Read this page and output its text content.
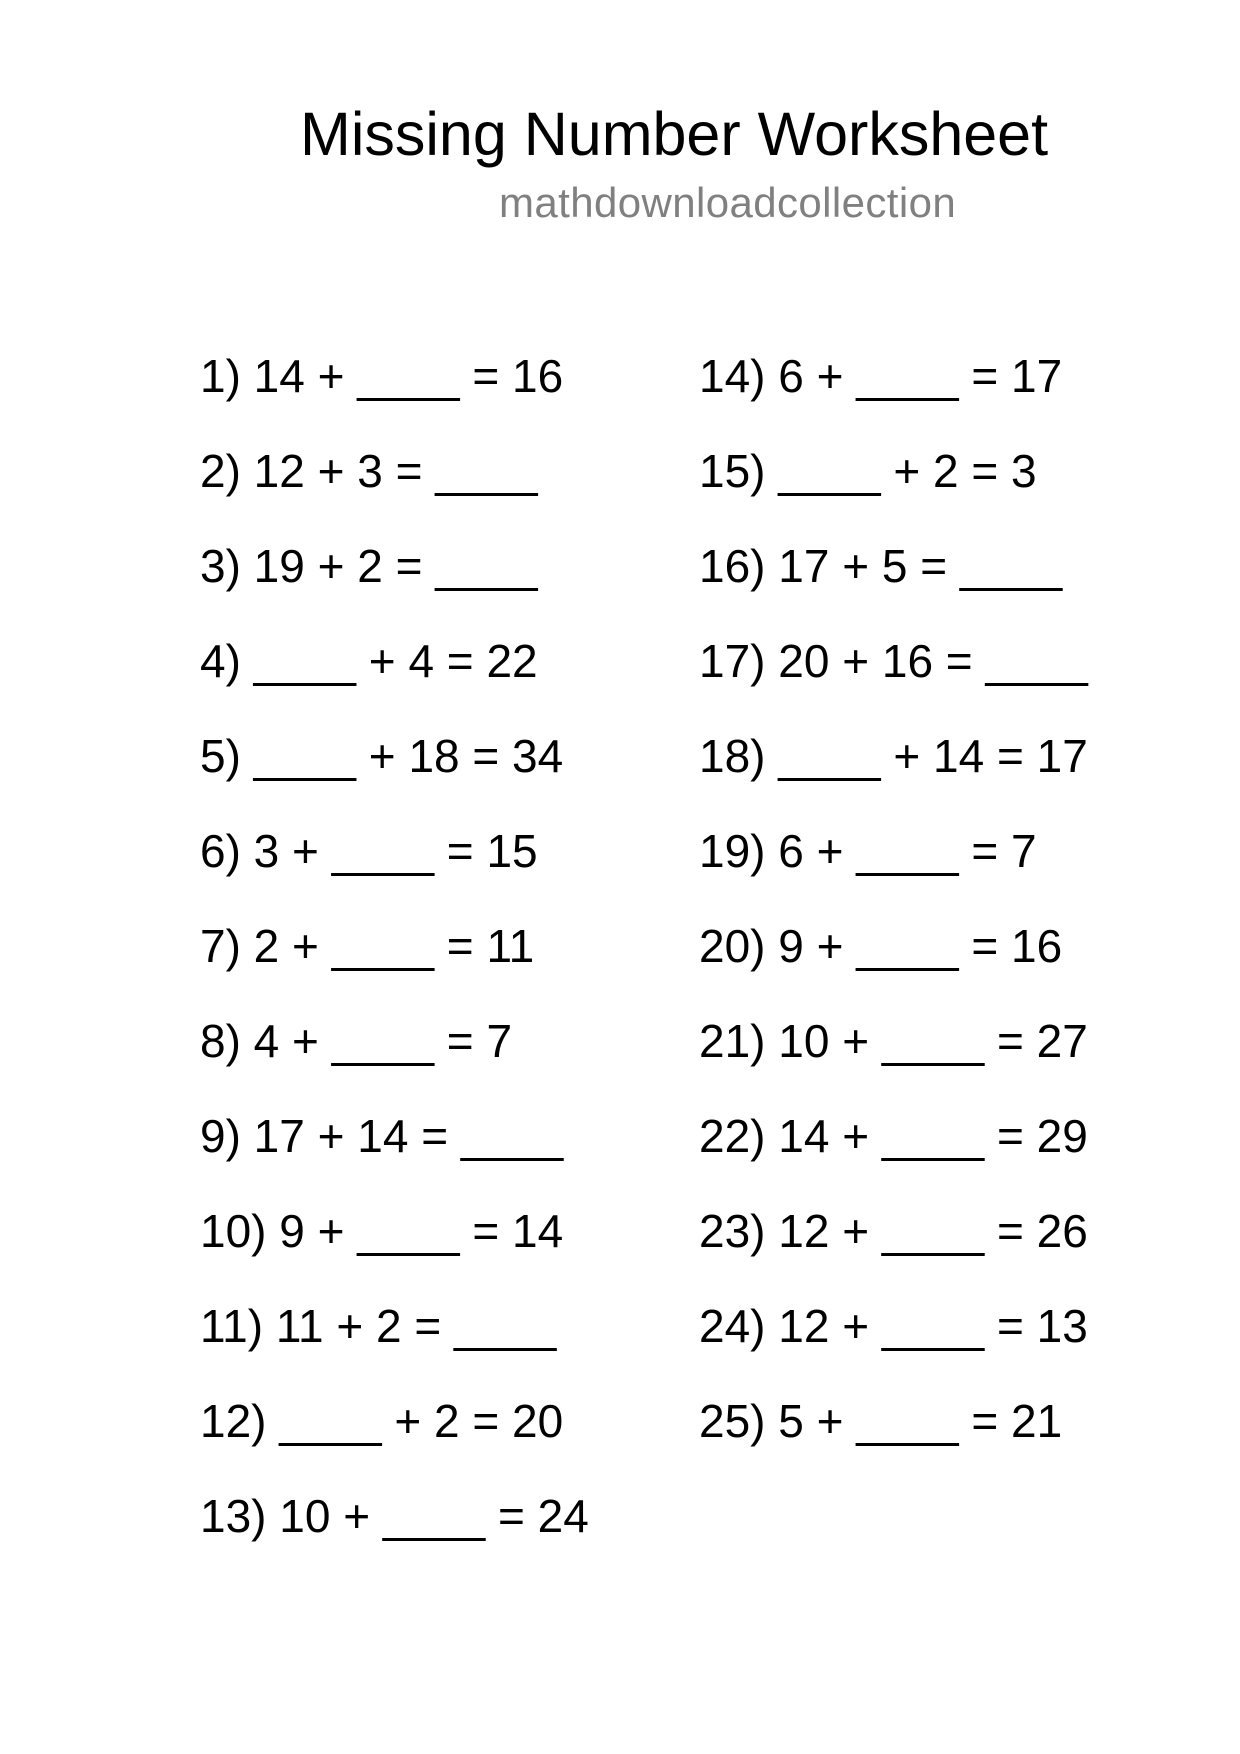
Missing Number Worksheet
mathdownloadcollection
1) 14 + ____ = 16
2) 12 + 3 = ____
3) 19 + 2 = ____
4) ____ + 4 = 22
5) ____ + 18 = 34
6) 3 + ____ = 15
7) 2 + ____ = 11
8) 4 + ____ = 7
9) 17 + 14 = ____
10) 9 + ____ = 14
11) 11 + 2 = ____
12) ____ + 2 = 20
13) 10 + ____ = 24
14) 6 + ____ = 17
15) ____ + 2 = 3
16) 17 + 5 = ____
17) 20 + 16 = ____
18) ____ + 14 = 17
19) 6 + ____ = 7
20) 9 + ____ = 16
21) 10 + ____ = 27
22) 14 + ____ = 29
23) 12 + ____ = 26
24) 12 + ____ = 13
25) 5 + ____ = 21
